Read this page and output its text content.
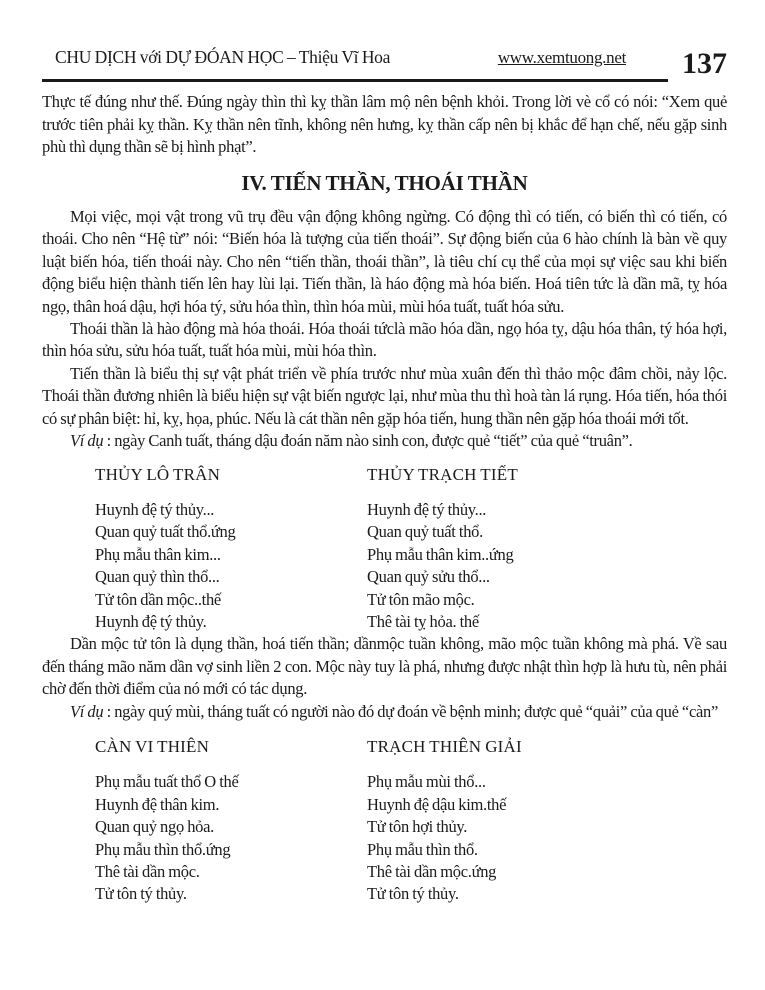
CHU DỊCH với DỰ ĐÓAN HỌC – Thiệu Vĩ Hoa	www.xemtuong.net 137

Thực tế đúng như thế. Đúng ngày thìn thì kỵ thần lâm mộ nên bệnh khỏi. Trong lời vè cổ có nói: “Xem quẻ trước tiên phải kỵ thần. Kỵ thần nên tĩnh, không nên hưng, kỵ thần cấp nên bị khắc để hạn chế, nếu gặp sinh phù thì dụng thần sẽ bị hình phạt”.

IV. TIẾN THẦN, THOÁI THẦN

Mọi việc, mọi vật trong vũ trụ đều vận động không ngừng. Có động thì có tiến, có biến thì có tiến, có thoái. Cho nên “Hệ từ” nói: “Biến hóa là tượng của tiến thoái”. Sự động biến của 6 hào chính là bàn về quy luật biến hóa, tiến thoái này. Cho nên “tiến thần, thoái thần”, là tiêu chí cụ thể của mọi sự việc sau khi biến động biểu hiện thành tiến lên hay lùi lại. Tiến thần, là háo động mà hóa biến. Hoá tiên tức là dần mã, tỵ hóa ngọ, thân hoá dậu, hợi hóa tý, sửu hóa thìn, thìn hóa mùi, mùi hóa tuất, tuất hóa sửu.

Thoái thần là hào động mà hóa thoái. Hóa thoái tứclà mão hóa dần, ngọ hóa tỵ, dậu hóa thân, tý hóa hợi, thìn hóa sửu, sửu hóa tuất, tuất hóa mùi, mùi hóa thìn.

Tiến thần là biểu thị sự vật phát triển về phía trước như mùa xuân đến thì thảo mộc đâm chồi, nảy lộc. Thoái thần đương nhiên là biểu hiện sự vật biến ngược lại, như mùa thu thì hoà tàn lá rụng. Hóa tiến, hóa thói có sự phân biệt: hỉ, kỵ, họa, phúc. Nếu là cát thần nên gặp hóa tiến, hung thần nên gặp hóa thoái mới tốt.

Ví dụ : ngày Canh tuất, tháng dậu đoán năm nào sinh con, được quẻ “tiết” của quẻ “truân”.

THỦY LÔ TRÂN

Huynh đệ tý thủy...
Quan quỷ tuất thổ.ứng
Phụ mẫu thân kim...
Quan quỷ thìn thổ...
Tử tôn dần mộc..thế
Huynh đệ tý thủy.

THỦY TRẠCH TIẾT

Huynh đệ tý thủy...
Quan quỷ tuất thổ.
Phụ mẫu thân kim..ứng
Quan quỷ sửu thổ...
Tử tôn mão mộc.
Thê tài tỵ hỏa. thế

Dần mộc tử tôn là dụng thần, hoá tiến thần; dầnmộc tuần không, mão mộc tuần không mà phá. Về sau đến tháng mão năm dần vợ sinh liền 2 con. Mộc này tuy là phá, nhưng được nhật thìn hợp là hưu tù, nên phải chờ đến thời điểm của nó mới có tác dụng.

Ví dụ : ngày quý mùi, tháng tuất có người nào đó dự đoán về bệnh minh; được quẻ “quải” của quẻ “càn”

CÀN VI THIÊN

Phụ mẫu tuất thổ O thế
Huynh đệ thân kim.
Quan quỷ ngọ hỏa.
Phụ mẫu thìn thổ.ứng
Thê tài dần mộc.
Tử tôn tý thủy.

TRẠCH THIÊN GIẢI

Phụ mẫu mùi thổ...
Huynh đệ dậu kim.thế
Tử tôn hợi thủy.
Phụ mẫu thìn thổ.
Thê tài dần mộc.ứng
Tử tôn tý thủy.
